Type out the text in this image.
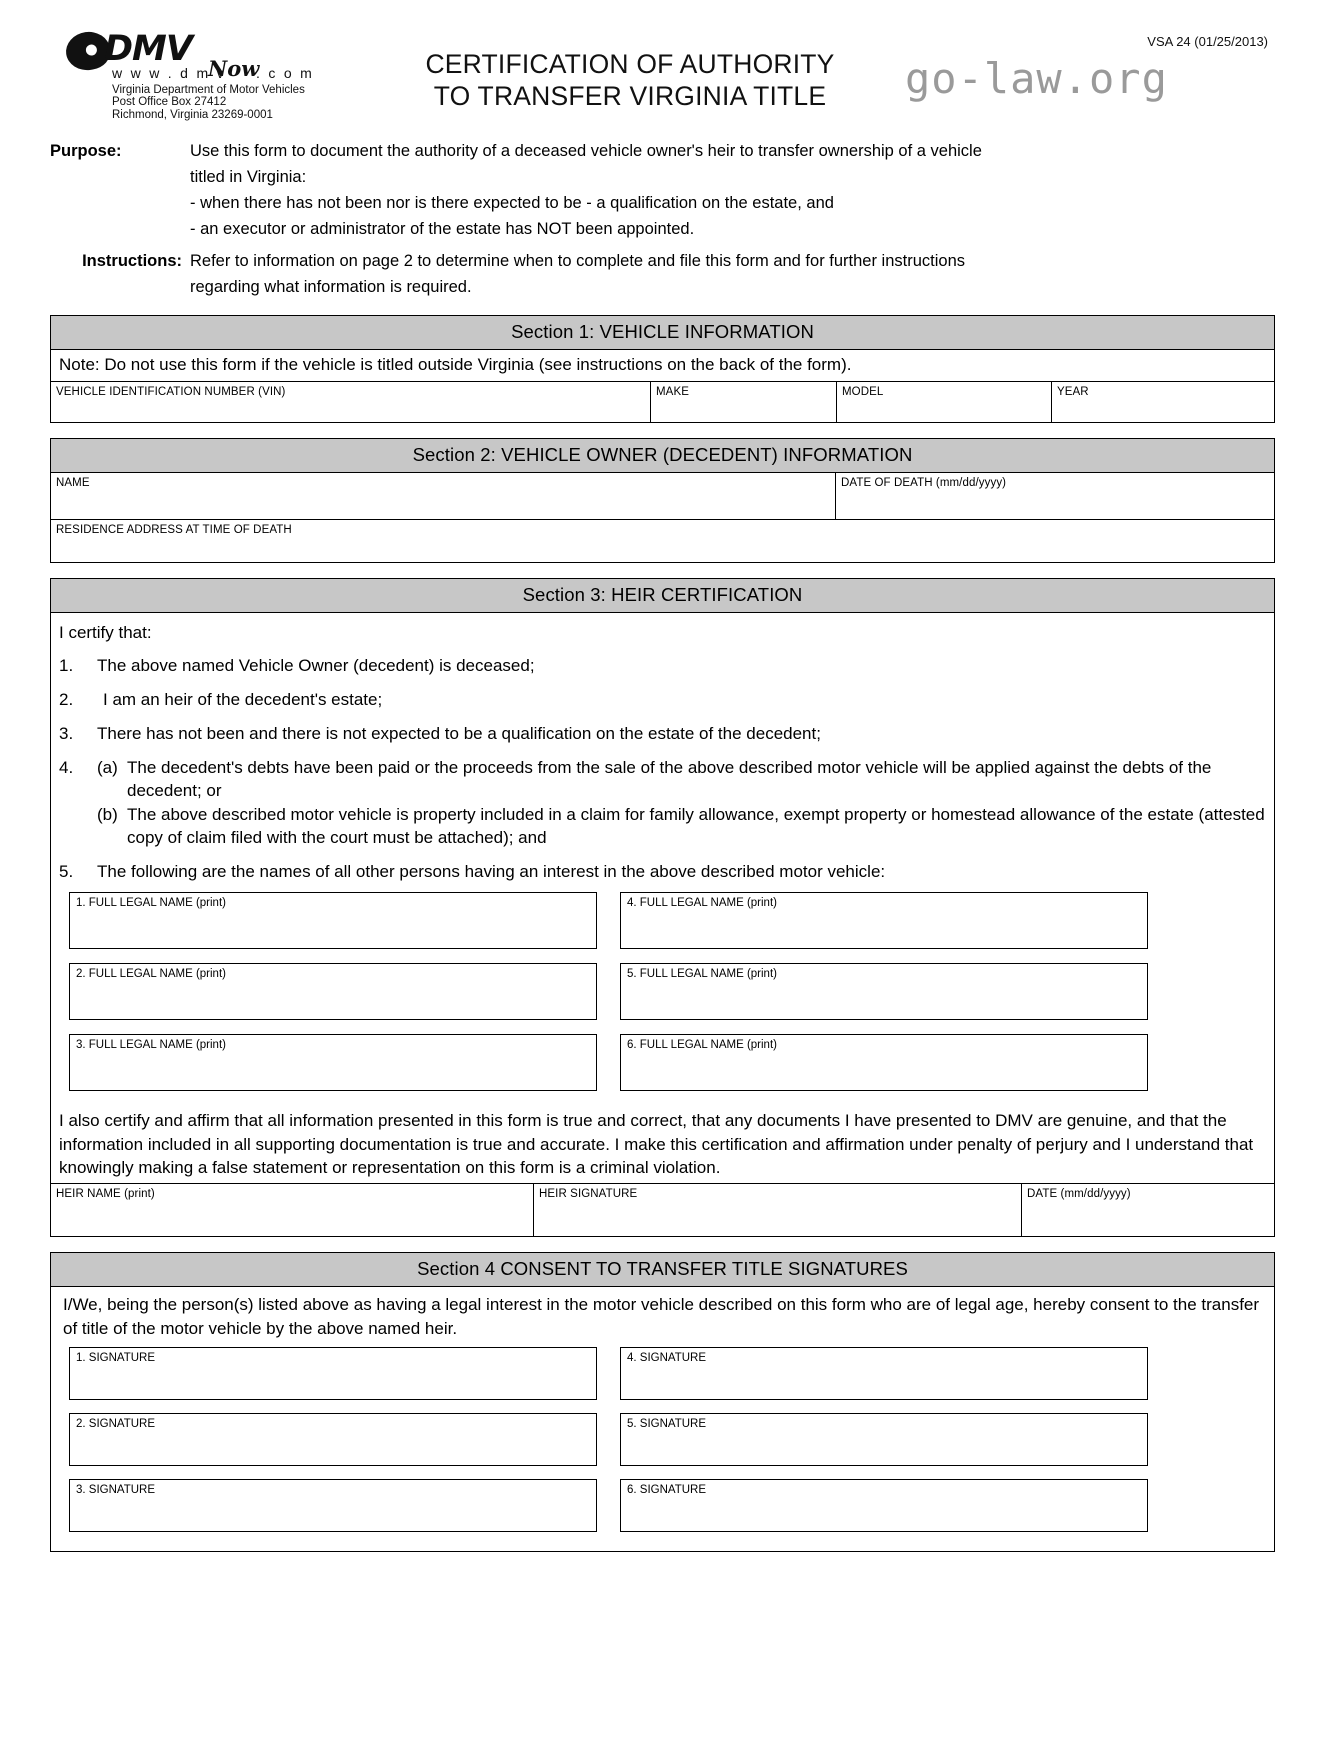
DMV
w w w . d m v
Now
. c o m
Virginia Department of Motor Vehicles
Post Office Box 27412
Richmond, Virginia 23269-0001
CERTIFICATION OF AUTHORITY
TO TRANSFER VIRGINIA TITLE	go-law.org
VSA 24 (01/25/2013)
Purpose:	Use this form to document the authority of a deceased vehicle owner's heir to transfer ownership of a vehicle
titled in Virginia:
- when there has not been nor is there expected to be - a qualification on the estate, and
- an executor or administrator of the estate has NOT been appointed.
Instructions: Refer to information on page 2 to determine when to complete and file this form and for further instructions
regarding what information is required.
Section 1: VEHICLE INFORMATION
Note: Do not use this form if the vehicle is titled outside Virginia (see instructions on the back of the form).
VEHICLE IDENTIFICATION NUMBER (VIN)	MAKE	MODEL	YEAR
Section 2: VEHICLE OWNER (DECEDENT) INFORMATION
NAME	DATE OF DEATH (mm/dd/yyyy)
RESIDENCE ADDRESS AT TIME OF DEATH
Section 3: HEIR CERTIFICATION
I certify that:
1.	The above named Vehicle Owner (decedent) is deceased;
2.	I am an heir of the decedent's estate;
3.	There has not been and there is not expected to be a qualification on the estate of the decedent;
4.	(a) The decedent's debts have been paid or the proceeds from the sale of the above described motor vehicle will be applied against the debts of the decedent; or
(b) The above described motor vehicle is property included in a claim for family allowance, exempt property or homestead allowance of the estate (attested copy of claim filed with the court must be attached); and
5.	The following are the names of all other persons having an interest in the above described motor vehicle:
1. FULL LEGAL NAME (print)	4. FULL LEGAL NAME (print)
2. FULL LEGAL NAME (print)	5. FULL LEGAL NAME (print)
3. FULL LEGAL NAME (print)	6. FULL LEGAL NAME (print)
I also certify and affirm that all information presented in this form is true and correct, that any documents I have presented to DMV are genuine, and that the information included in all supporting documentation is true and accurate. I make this certification and affirmation under penalty of perjury and I understand that knowingly making a false statement or representation on this form is a criminal violation.
HEIR NAME (print)	HEIR SIGNATURE	DATE (mm/dd/yyyy)
Section 4 CONSENT TO TRANSFER TITLE SIGNATURES
I/We, being the person(s) listed above as having a legal interest in the motor vehicle described on this form who are of legal age, hereby consent to the transfer of title of the motor vehicle by the above named heir.
1. SIGNATURE	4. SIGNATURE
2. SIGNATURE	5. SIGNATURE
3. SIGNATURE	6. SIGNATURE
